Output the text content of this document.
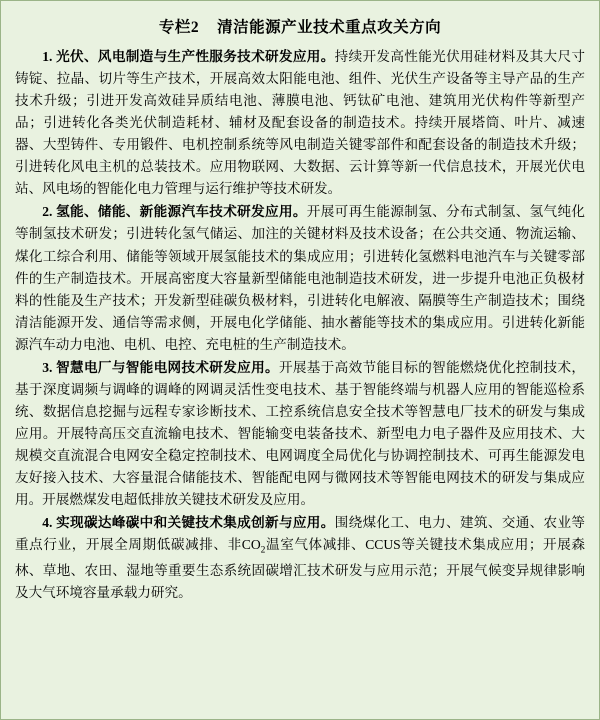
专栏2 清洁能源产业技术重点攻关方向

1. 光伏、风电制造与生产性服务技术研发应用。持续开发高性能光伏用硅材料及其大尺寸铸锭、拉晶、切片等生产技术，开展高效太阳能电池、组件、光伏生产设备等主导产品的生产技术升级；引进开发高效硅异质结电池、薄膜电池、钙钛矿电池、建筑用光伏构件等新型产品；引进转化各类光伏制造耗材、辅材及配套设备的制造技术。持续开展塔筒、叶片、减速器、大型铸件、专用锻件、电机控制系统等风电制造关键零部件和配套设备的制造技术升级；引进转化风电主机的总装技术。应用物联网、大数据、云计算等新一代信息技术，开展光伏电站、风电场的智能化电力管理与运行维护等技术研发。

2. 氢能、储能、新能源汽车技术研发应用。开展可再生能源制氢、分布式制氢、氢气纯化等制氢技术研发；引进转化氢气储运、加注的关键材料及技术设备；在公共交通、物流运输、煤化工综合利用、储能等领域开展氢能技术的集成应用；引进转化氢燃料电池汽车与关键零部件的生产制造技术。开展高密度大容量新型储能电池制造技术研发，进一步提升电池正负极材料的性能及生产技术；开发新型硅碳负极材料，引进转化电解液、隔膜等生产制造技术；围绕清洁能源开发、通信等需求侧，开展电化学储能、抽水蓄能等技术的集成应用。引进转化新能源汽车动力电池、电机、电控、充电桩的生产制造技术。

3. 智慧电厂与智能电网技术研发应用。开展基于高效节能目标的智能燃烧优化控制技术，基于深度调频与调峰的调峰的网调灵活性变电技术、基于智能终端与机器人应用的智能巡检系统、数据信息挖掘与远程专家诊断技术、工控系统信息安全技术等智慧电厂技术的研发与集成应用。开展特高压交直流输电技术、智能输变电装备技术、新型电力电子器件及应用技术、大规模交直流混合电网安全稳定控制技术、电网调度全局优化与协调控制技术、可再生能源发电友好接入技术、大容量混合储能技术、智能配电网与微网技术等智能电网技术的研发与集成应用。开展燃煤发电超低排放关键技术研发及应用。

4. 实现碳达峰碳中和关键技术集成创新与应用。围绕煤化工、电力、建筑、交通、农业等重点行业，开展全周期低碳减排、非$CO_2$温室气体减排、CCUS等关键技术集成应用；开展森林、草地、农田、湿地等重要生态系统固碳增汇技术研发与应用示范；开展气候变异规律影响及大气环境容量承载力研究。
